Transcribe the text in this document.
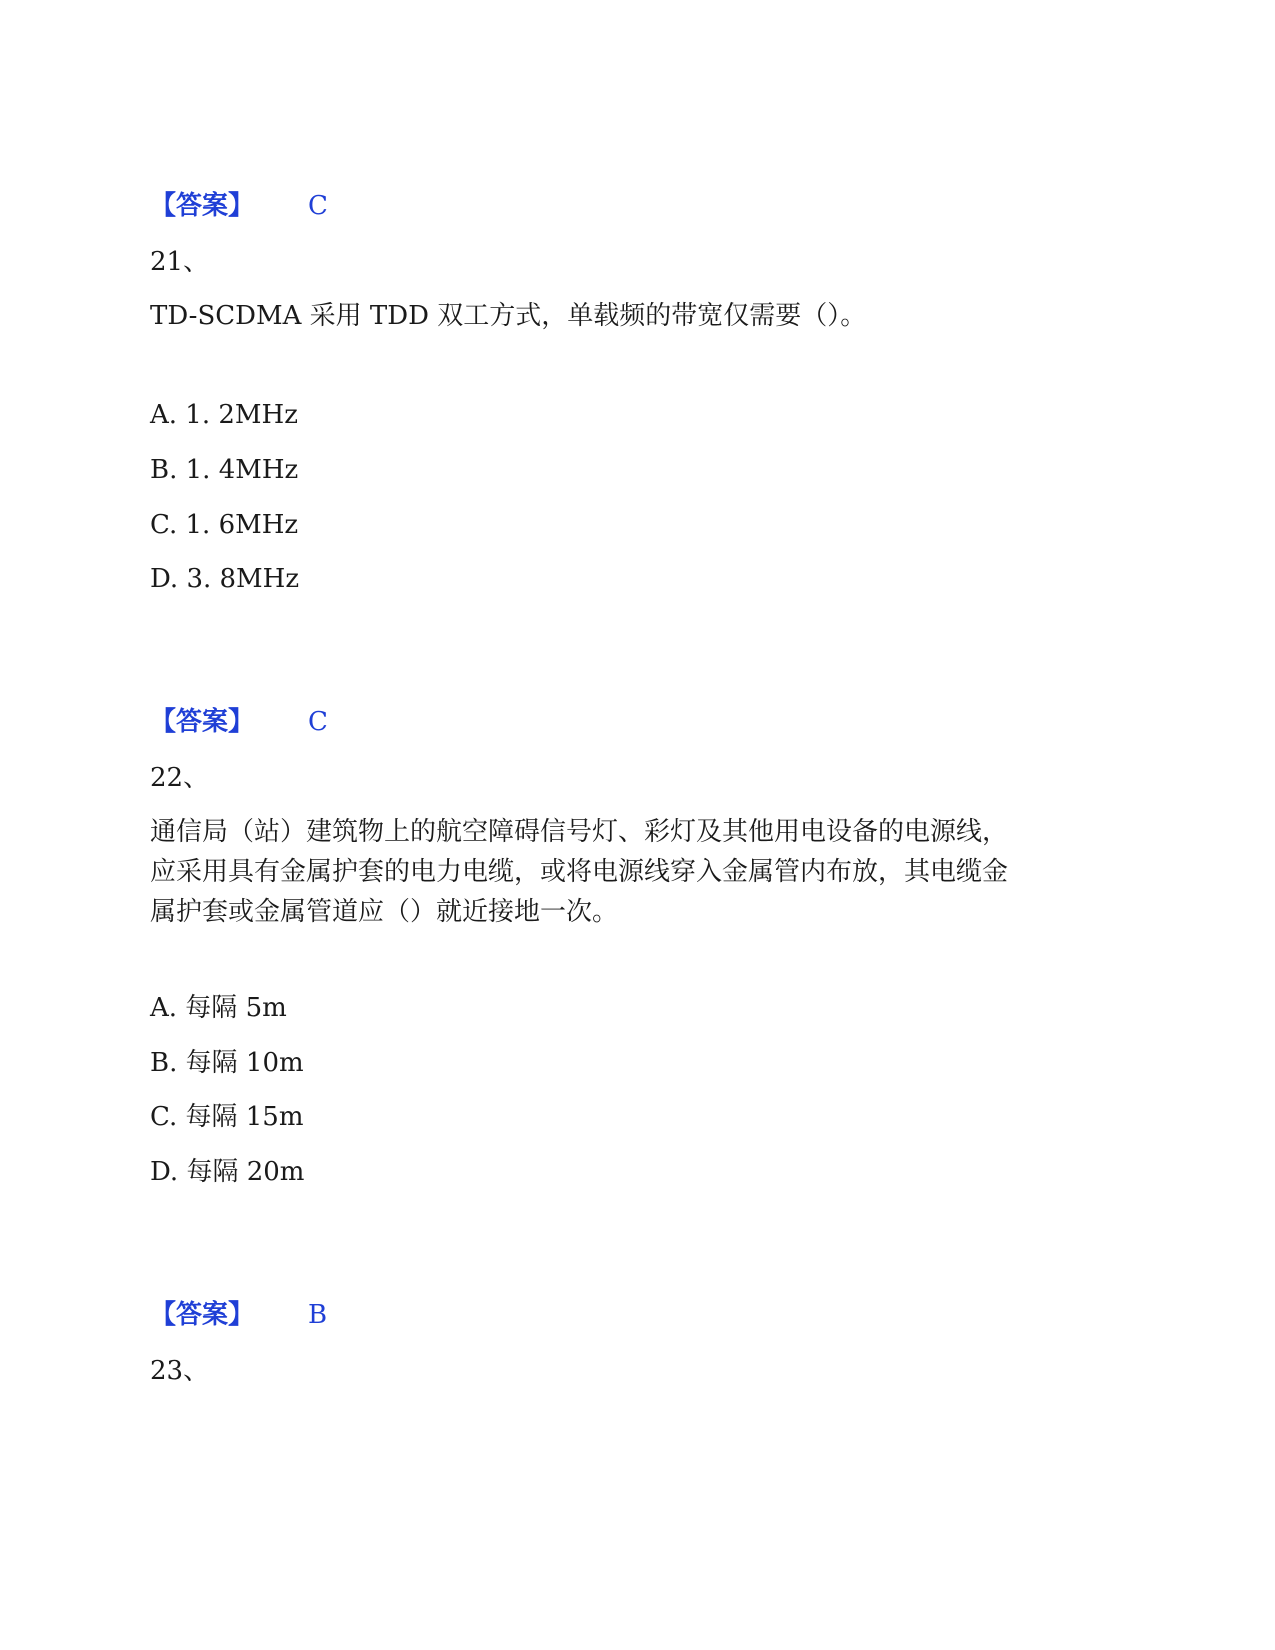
【答案】 C
21、
TD-SCDMA 采用 TDD 双工方式，单载频的带宽仅需要（）。
A. 1. 2MHz
B. 1. 4MHz
C. 1. 6MHz
D. 3. 8MHz
【答案】 C
22、
通信局（站）建筑物上的航空障碍信号灯、彩灯及其他用电设备的电源线，
应采用具有金属护套的电力电缆，或将电源线穿入金属管内布放，其电缆金
属护套或金属管道应（）就近接地一次。
A. 每隔 5m
B. 每隔 10m
C. 每隔 15m
D. 每隔 20m
【答案】 B
23、
